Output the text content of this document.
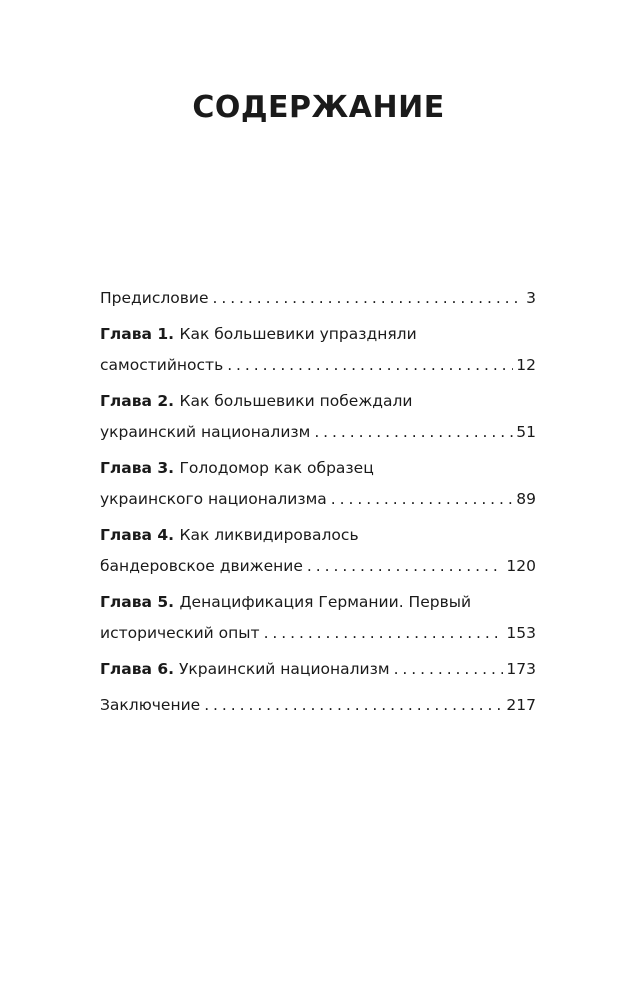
СОДЕРЖАНИЕ
Предисловие . . .	3
Глава 1. Как большевики упраздняли
самостийность . . .	12
Глава 2. Как большевики побеждали
украинский национализм . . .	51
Глава 3. Голодомор как образец
украинского национализма . . .	89
Глава 4. Как ликвидировалось
бандеровское движение . . .	120
Глава 5. Денацификация Германии. Первый
исторический опыт . . .	153
Глава 6.
Украинский национализм . . .	173
Заключение . . .	217
